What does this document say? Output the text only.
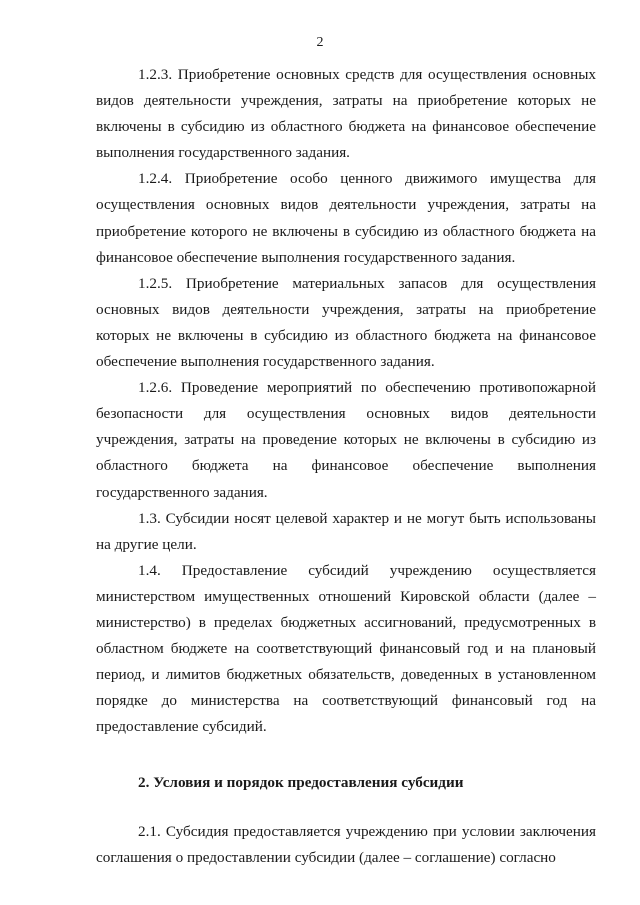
2

1.2.3. Приобретение основных средств для осуществления основных видов деятельности учреждения, затраты на приобретение которых не включены в субсидию из областного бюджета на финансовое обеспечение выполнения государственного задания.

1.2.4. Приобретение особо ценного движимого имущества для осуществления основных видов деятельности учреждения, затраты на приобретение которого не включены в субсидию из областного бюджета на финансовое обеспечение выполнения государственного задания.

1.2.5. Приобретение материальных запасов для осуществления основных видов деятельности учреждения, затраты на приобретение которых не включены в субсидию из областного бюджета на финансовое обеспечение выполнения государственного задания.

1.2.6. Проведение мероприятий по обеспечению противопожарной безопасности для осуществления основных видов деятельности учреждения, затраты на проведение которых не включены в субсидию из областного бюджета на финансовое обеспечение выполнения государственного задания.

1.3. Субсидии носят целевой характер и не могут быть использованы на другие цели.

1.4. Предоставление субсидий учреждению осуществляется министерством имущественных отношений Кировской области (далее – министерство) в пределах бюджетных ассигнований, предусмотренных в областном бюджете на соответствующий финансовый год и на плановый период, и лимитов бюджетных обязательств, доведенных в установленном порядке до министерства на соответствующий финансовый год на предоставление субсидий.

2. Условия и порядок предоставления субсидии

2.1. Субсидия предоставляется учреждению при условии заключения соглашения о предоставлении субсидии (далее – соглашение) согласно
